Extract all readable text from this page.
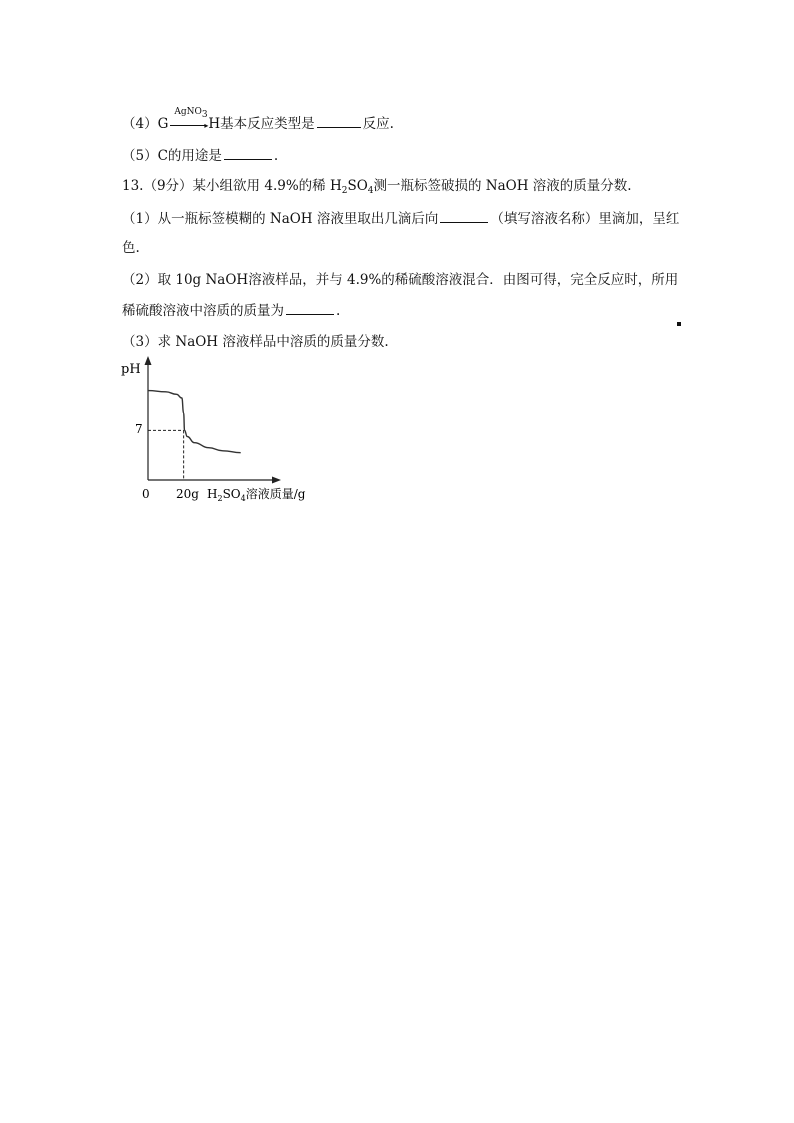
（4）G
AgNO3
▸ H基本反应类型是	反应.
（5）C的用途是	.
13.（9分）某小组欲用 4.9%的稀 $H_2SO_4$测一瓶标签破损的 NaOH 溶液的质量分数.
（1）从一瓶标签模糊的 NaOH 溶液里取出几滴后向	（填写溶液名称）里滴加，呈红
色.
（2）取 10g NaOH溶液样品，并与 4.9%的稀硫酸溶液混合．由图可得，完全反应时，所用
稀硫酸溶液中溶质的质量为	.
（3）求 NaOH 溶液样品中溶质的质量分数.
pH
7
0 20g $H_2SO_4$溶液质量/g
